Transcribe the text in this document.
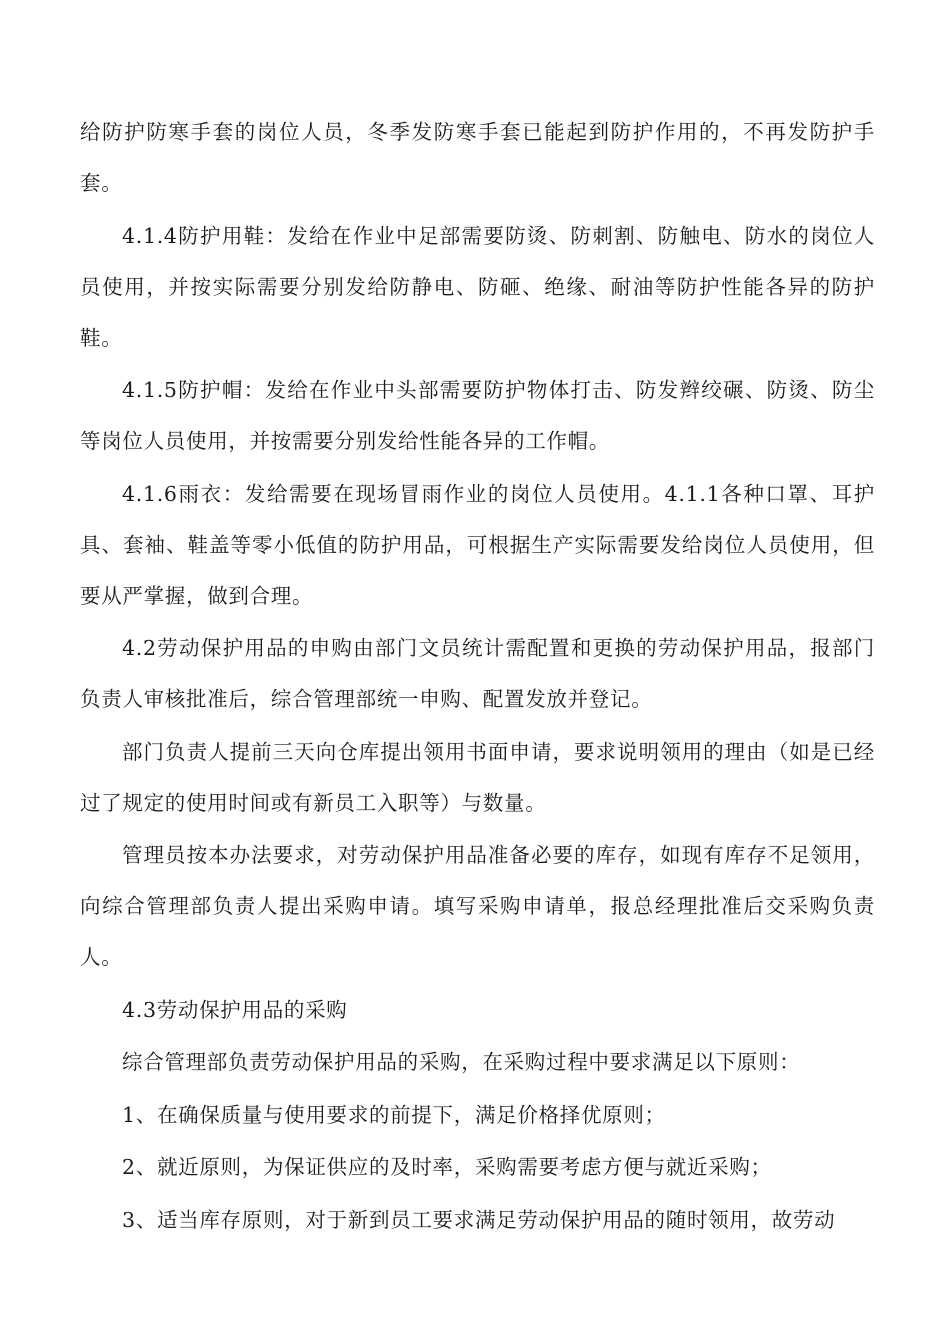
给防护防寒手套的岗位人员，冬季发防寒手套已能起到防护作用的，不再发防护手套。

4.1.4防护用鞋：发给在作业中足部需要防烫、防刺割、防触电、防水的岗位人员使用，并按实际需要分别发给防静电、防砸、绝缘、耐油等防护性能各异的防护鞋。

4.1.5防护帽：发给在作业中头部需要防护物体打击、防发辫绞碾、防烫、防尘等岗位人员使用，并按需要分别发给性能各异的工作帽。

4.1.6雨衣：发给需要在现场冒雨作业的岗位人员使用。4.1.1各种口罩、耳护具、套袖、鞋盖等零小低值的防护用品，可根据生产实际需要发给岗位人员使用，但要从严掌握，做到合理。

4.2劳动保护用品的申购由部门文员统计需配置和更换的劳动保护用品，报部门负责人审核批准后，综合管理部统一申购、配置发放并登记。

部门负责人提前三天向仓库提出领用书面申请，要求说明领用的理由（如是已经过了规定的使用时间或有新员工入职等）与数量。

管理员按本办法要求，对劳动保护用品准备必要的库存，如现有库存不足领用，向综合管理部负责人提出采购申请。填写采购申请单，报总经理批准后交采购负责人。

4.3劳动保护用品的采购

综合管理部负责劳动保护用品的采购，在采购过程中要求满足以下原则：

1、在确保质量与使用要求的前提下，满足价格择优原则；

2、就近原则，为保证供应的及时率，采购需要考虑方便与就近采购；

3、适当库存原则，对于新到员工要求满足劳动保护用品的随时领用，故劳动
